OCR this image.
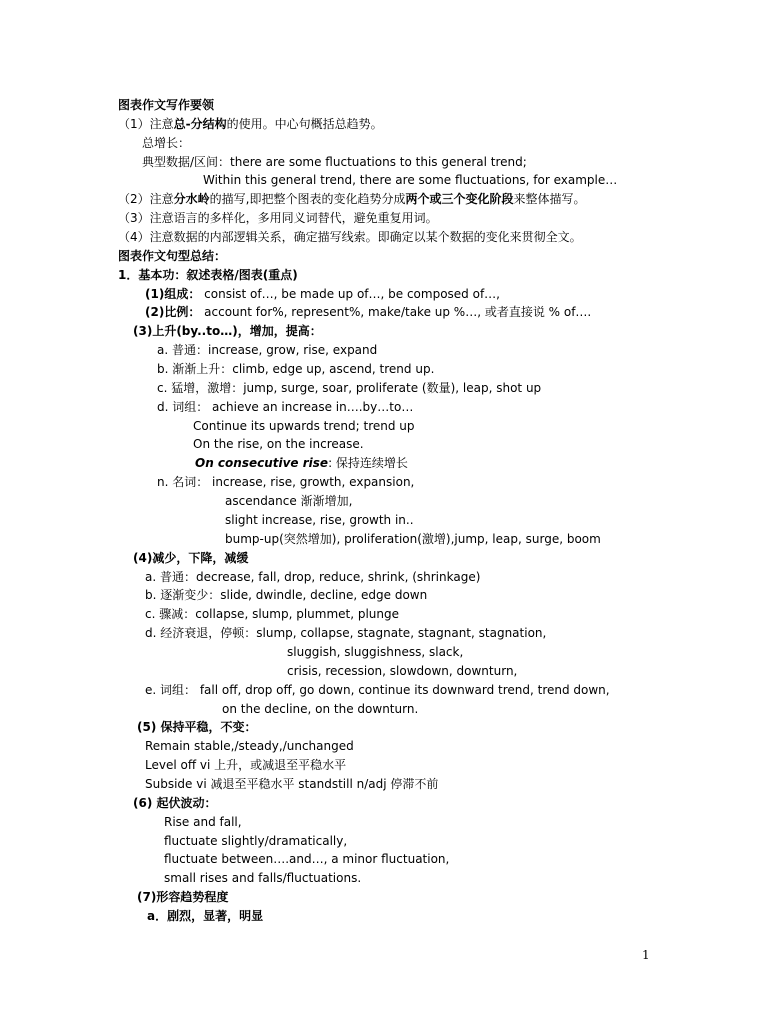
1
图表作文写作要领
（1）注意总-分结构的使用。中心句概括总趋势。
总增长：
典型数据/区间：there are some fluctuations to this general trend;
Within this general trend, there are some fluctuations, for example…
（2）注意分水岭的描写,即把整个图表的变化趋势分成两个或三个变化阶段来整体描写。
（3）注意语言的多样化，多用同义词替代，避免重复用词。
（4）注意数据的内部逻辑关系，确定描写线索。即确定以某个数据的变化来贯彻全文。
图表作文句型总结：
1．基本功：叙述表格/图表(重点)
(1)组成： consist of…, be made up of…, be composed of…,
(2)比例： account for%, represent%, make/take up %…, 或者直接说 % of….
(3)上升(by..to…)，增加，提高：
a. 普通：increase, grow, rise, expand
b. 渐渐上升：climb, edge up, ascend, trend up.
c. 猛增，激增：jump, surge, soar, proliferate (数量), leap, shot up
d. 词组： achieve an increase in….by…to…
Continue its upwards trend; trend up
On the rise, on the increase.
On consecutive rise: 保持连续增长
n. 名词： increase, rise, growth, expansion,
ascendance 渐渐增加,
slight increase, rise, growth in..
bump-up(突然增加), proliferation(激增),jump, leap, surge, boom
(4)减少，下降，减缓
a. 普通：decrease, fall, drop, reduce, shrink, (shrinkage)
b. 逐渐变少：slide, dwindle, decline, edge down
c. 骤减：collapse, slump, plummet, plunge
d. 经济衰退，停顿：slump, collapse, stagnate, stagnant, stagnation,
sluggish, sluggishness, slack,
crisis, recession, slowdown, downturn,
e. 词组： fall off, drop off, go down, continue its downward trend, trend down,
on the decline, on the downturn.
(5) 保持平稳，不变：
Remain stable,/steady,/unchanged
Level off vi 上升，或减退至平稳水平
Subside vi 减退至平稳水平 standstill n/adj 停滞不前
(6) 起伏波动：
Rise and fall,
fluctuate slightly/dramatically,
fluctuate between….and…, a minor fluctuation,
small rises and falls/fluctuations.
(7)形容趋势程度
a．剧烈，显著，明显
